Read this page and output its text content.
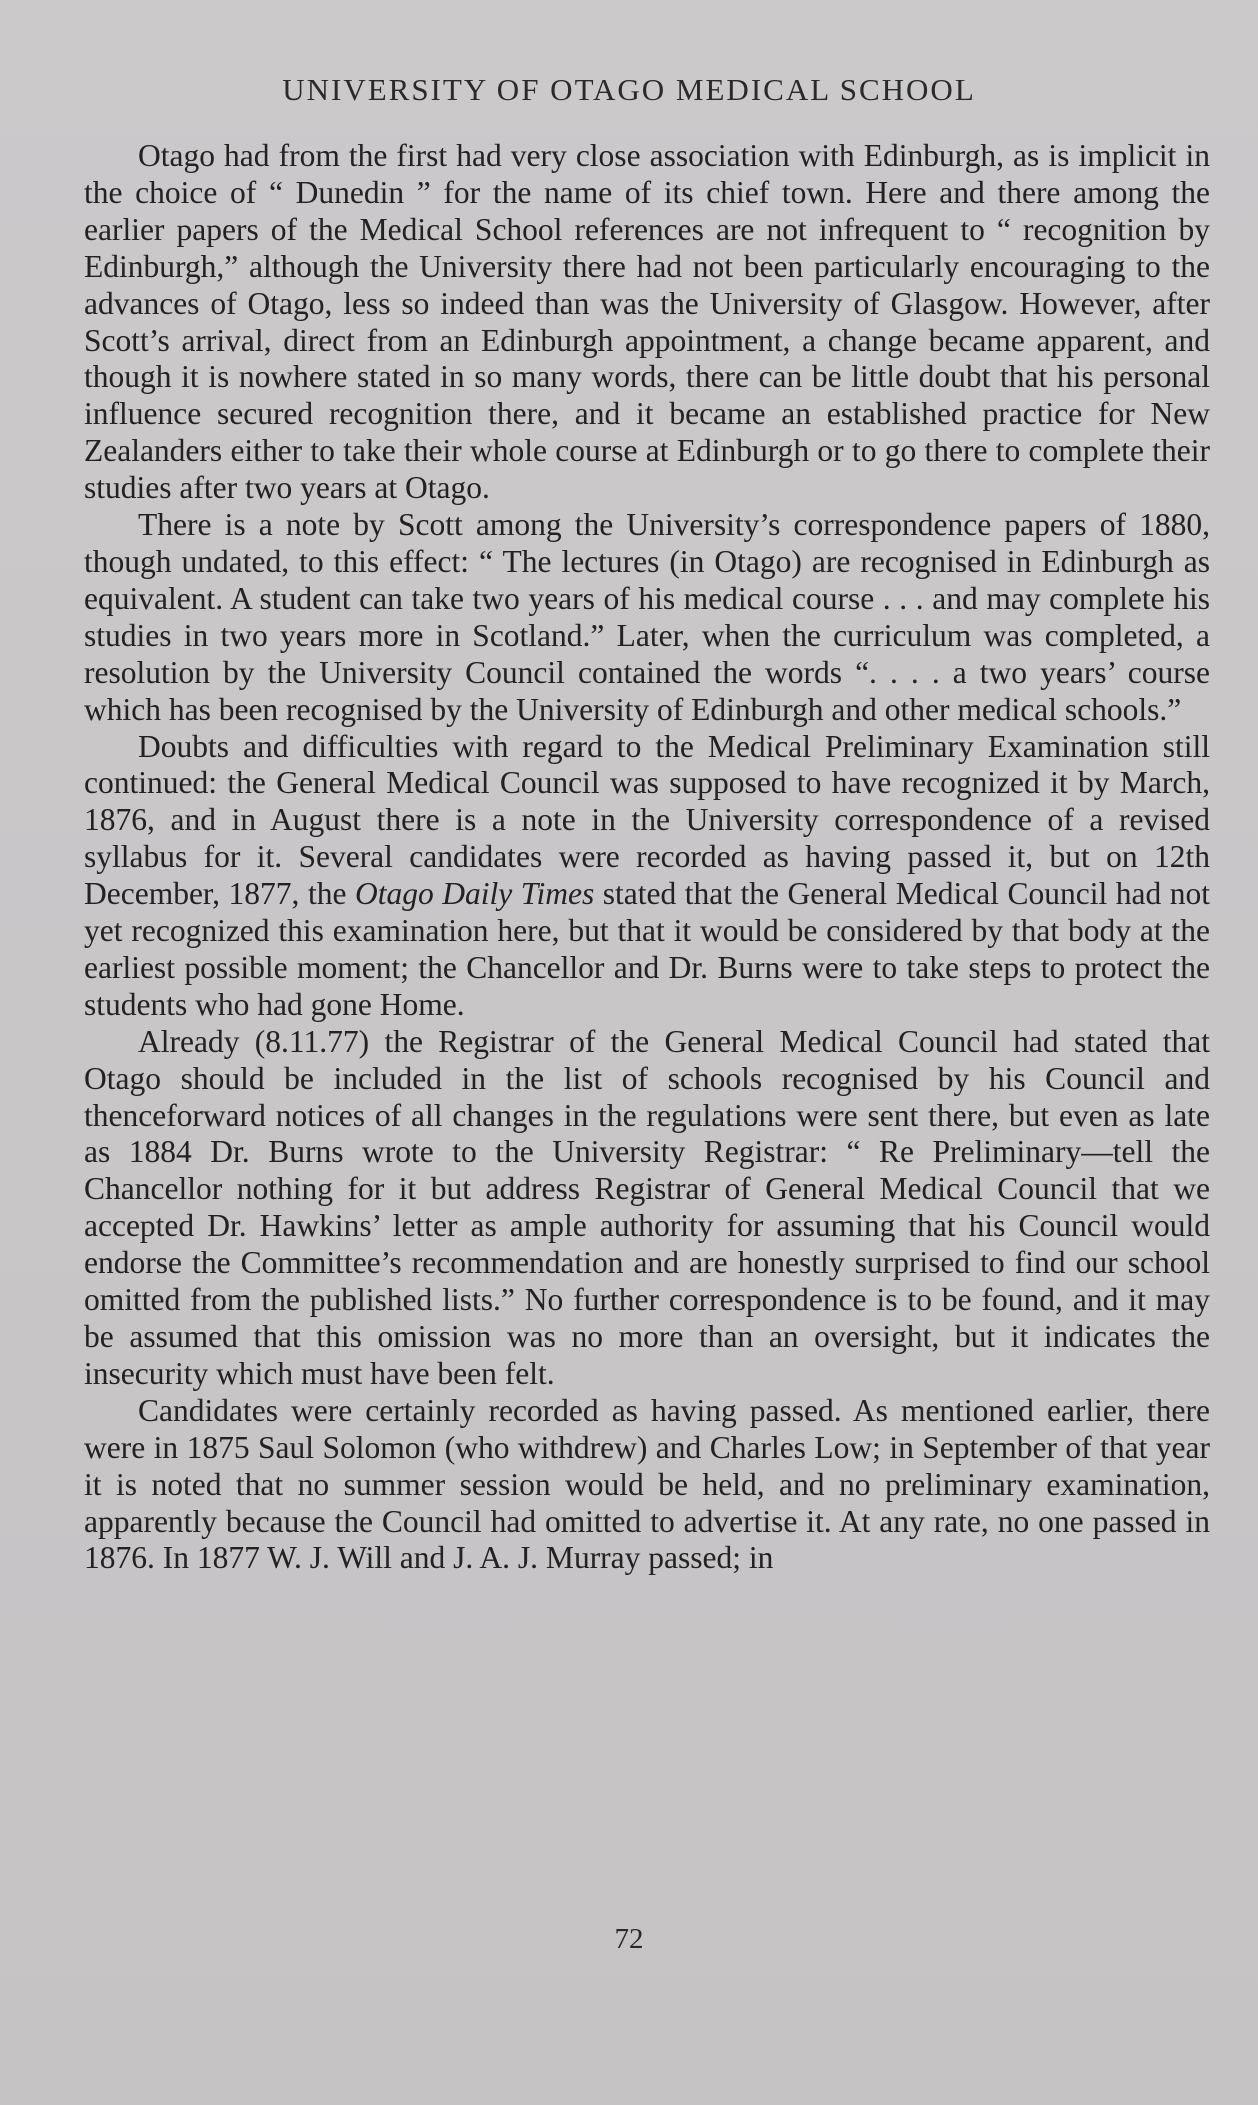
UNIVERSITY OF OTAGO MEDICAL SCHOOL

Otago had from the first had very close association with Edinburgh, as is implicit in the choice of “ Dunedin ” for the name of its chief town. Here and there among the earlier papers of the Medical School references are not infrequent to “ recognition by Edinburgh,” although the University there had not been particularly encouraging to the advances of Otago, less so indeed than was the University of Glasgow. However, after Scott’s arrival, direct from an Edinburgh appointment, a change became apparent, and though it is nowhere stated in so many words, there can be little doubt that his personal influence secured recognition there, and it became an established practice for New Zealanders either to take their whole course at Edinburgh or to go there to complete their studies after two years at Otago.

There is a note by Scott among the University’s correspondence papers of 1880, though undated, to this effect: “ The lectures (in Otago) are recognised in Edinburgh as equivalent. A student can take two years of his medical course . . . and may complete his studies in two years more in Scotland.” Later, when the curriculum was completed, a resolution by the University Council contained the words “. . . . a two years’ course which has been recognised by the University of Edinburgh and other medical schools.”

Doubts and difficulties with regard to the Medical Preliminary Examination still continued: the General Medical Council was supposed to have recognized it by March, 1876, and in August there is a note in the University correspondence of a revised syllabus for it. Several candidates were recorded as having passed it, but on 12th December, 1877, the Otago Daily Times stated that the General Medical Council had not yet recognized this examination here, but that it would be considered by that body at the earliest possible moment; the Chancellor and Dr. Burns were to take steps to protect the students who had gone Home.

Already (8.11.77) the Registrar of the General Medical Council had stated that Otago should be included in the list of schools recognised by his Council and thenceforward notices of all changes in the regulations were sent there, but even as late as 1884 Dr. Burns wrote to the University Registrar: “ Re Preliminary—tell the Chancellor nothing for it but address Registrar of General Medical Council that we accepted Dr. Hawkins’ letter as ample authority for assuming that his Council would endorse the Committee’s recommendation and are honestly surprised to find our school omitted from the published lists.” No further correspondence is to be found, and it may be assumed that this omission was no more than an oversight, but it indicates the insecurity which must have been felt.

Candidates were certainly recorded as having passed. As mentioned earlier, there were in 1875 Saul Solomon (who withdrew) and Charles Low; in September of that year it is noted that no summer session would be held, and no preliminary examination, apparently because the Council had omitted to advertise it. At any rate, no one passed in 1876. In 1877 W. J. Will and J. A. J. Murray passed; in

72
